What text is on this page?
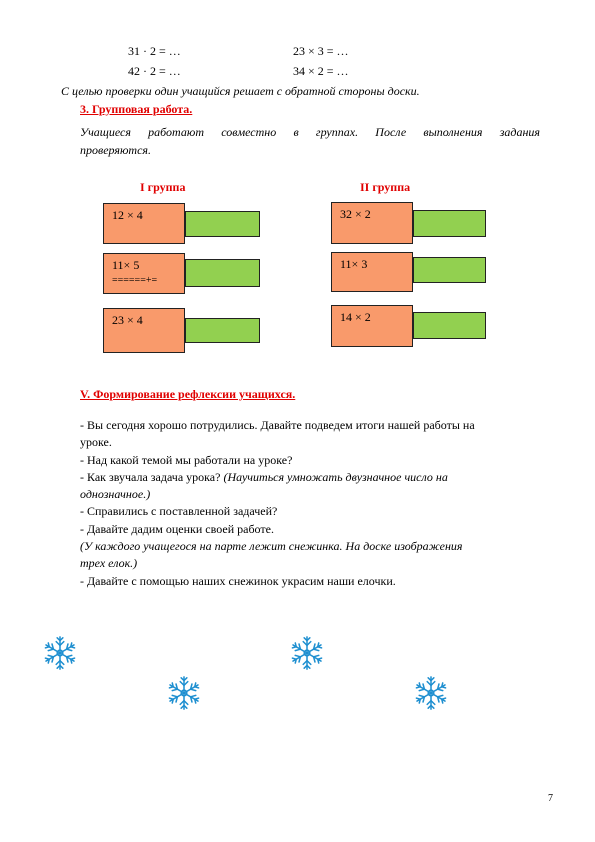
31 · 2 = …
42 · 2 = …
23 × 3 = …
34 × 2 = …
С целью проверки один учащийся решает с обратной стороны доски.
3. Групповая работа.
Учащиеся работают совместно в группах. После выполнения задания
проверяются.
I группа	II группа
12 × 4
11× 5
======+=
23 × 4
32 × 2
11× 3
14 × 2
V. Формирование рефлексии учащихся.
- Вы сегодня хорошо потрудились. Давайте подведем итоги нашей работы на
уроке.
- Над какой темой мы работали на уроке?
- Как звучала задача урока? (Научиться умножать двузначное число на
однозначное.)
- Справились с поставленной задачей?
- Давайте дадим оценки своей работе.
(У каждого учащегося на парте лежит снежинка. На доске изображения
трех елок.)
- Давайте с помощью наших снежинок украсим наши елочки.
7
